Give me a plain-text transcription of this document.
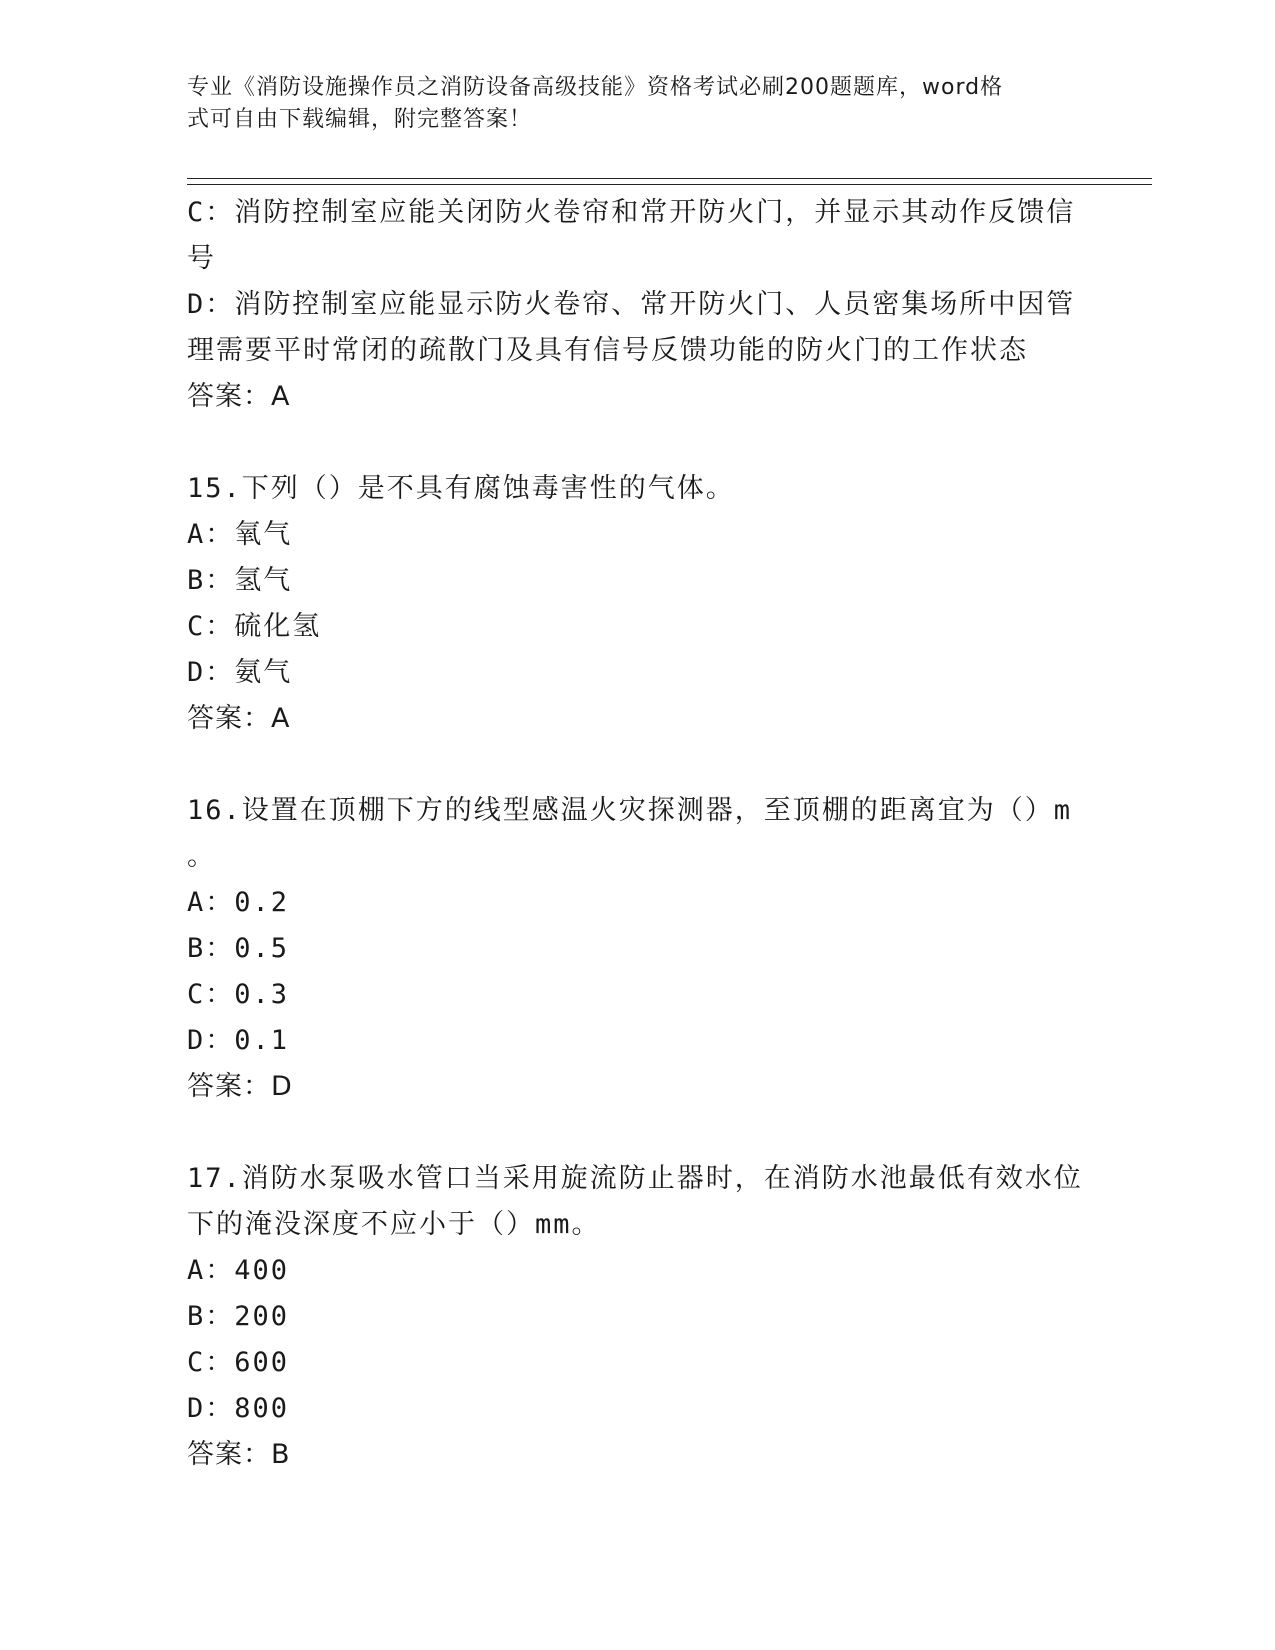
专业《消防设施操作员之消防设备高级技能》资格考试必刷200题题库，word格
式可自由下载编辑，附完整答案！
C：消防控制室应能关闭防火卷帘和常开防火门，并显示其动作反馈信
号
D：消防控制室应能显示防火卷帘、常开防火门、人员密集场所中因管
理需要平时常闭的疏散门及具有信号反馈功能的防火门的工作状态
答案：A
15.下列（）是不具有腐蚀毒害性的气体。
A：氧气
B：氢气
C：硫化氢
D：氨气
答案：A
16.设置在顶棚下方的线型感温火灾探测器，至顶棚的距离宜为（）m
。
A：0.2
B：0.5
C：0.3
D：0.1
答案：D
17.消防水泵吸水管口当采用旋流防止器时，在消防水池最低有效水位
下的淹没深度不应小于（）mm。
A：400
B：200
C：600
D：800
答案：B
